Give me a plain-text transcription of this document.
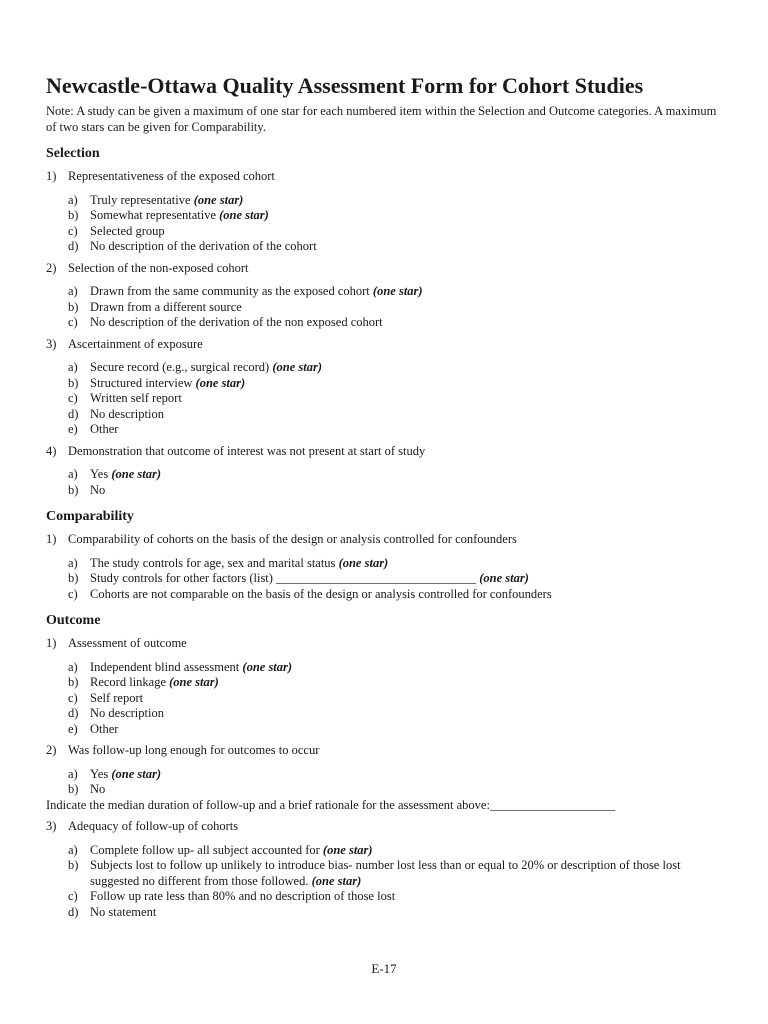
Newcastle-Ottawa Quality Assessment Form for Cohort Studies
Note: A study can be given a maximum of one star for each numbered item within the Selection and Outcome categories. A maximum of two stars can be given for Comparability.
Selection
1) Representativeness of the exposed cohort
a) Truly representative (one star)
b) Somewhat representative (one star)
c) Selected group
d) No description of the derivation of the cohort
2) Selection of the non-exposed cohort
a) Drawn from the same community as the exposed cohort (one star)
b) Drawn from a different source
c) No description of the derivation of the non exposed cohort
3) Ascertainment of exposure
a) Secure record (e.g., surgical record) (one star)
b) Structured interview (one star)
c) Written self report
d) No description
e) Other
4) Demonstration that outcome of interest was not present at start of study
a) Yes (one star)
b) No
Comparability
1) Comparability of cohorts on the basis of the design or analysis controlled for confounders
a) The study controls for age, sex and marital status (one star)
b) Study controls for other factors (list) ________________________________ (one star)
c) Cohorts are not comparable on the basis of the design or analysis controlled for confounders
Outcome
1) Assessment of outcome
a) Independent blind assessment (one star)
b) Record linkage (one star)
c) Self report
d) No description
e) Other
2) Was follow-up long enough for outcomes to occur
a) Yes (one star)
b) No

Indicate the median duration of follow-up and a brief rationale for the assessment above:____________________

3) Adequacy of follow-up of cohorts
a) Complete follow up- all subject accounted for (one star)
b) Subjects lost to follow up unlikely to introduce bias- number lost less than or equal to 20% or description of those lost suggested no different from those followed. (one star)
c) Follow up rate less than 80% and no description of those lost
d) No statement
E-17
